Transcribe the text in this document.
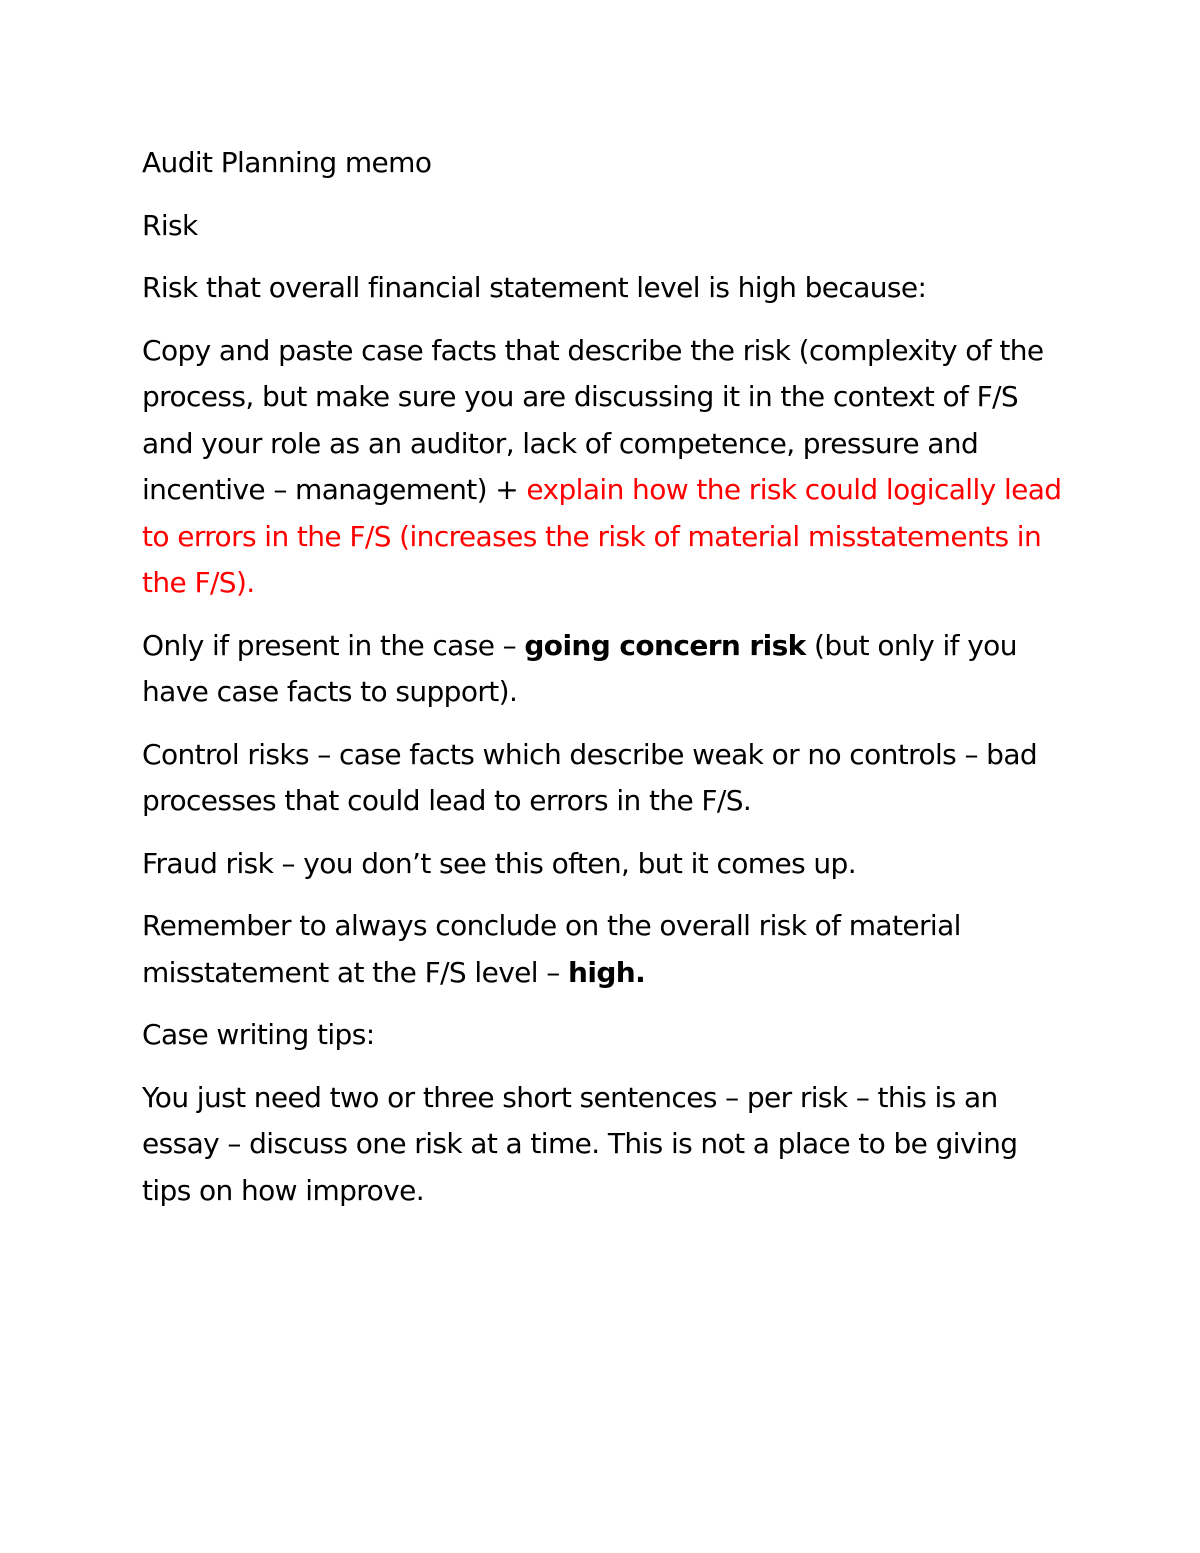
Audit Planning memo

Risk

Risk that overall financial statement level is high because:

Copy and paste case facts that describe the risk (complexity of the process, but make sure you are discussing it in the context of F/S and your role as an auditor, lack of competence, pressure and incentive – management) + explain how the risk could logically lead to errors in the F/S (increases the risk of material misstatements in the F/S).

Only if present in the case – going concern risk (but only if you have case facts to support).

Control risks – case facts which describe weak or no controls – bad processes that could lead to errors in the F/S.

Fraud risk – you don’t see this often, but it comes up.

Remember to always conclude on the overall risk of material misstatement at the F/S level – high.

Case writing tips:

You just need two or three short sentences – per risk – this is an essay – discuss one risk at a time. This is not a place to be giving tips on how improve.
